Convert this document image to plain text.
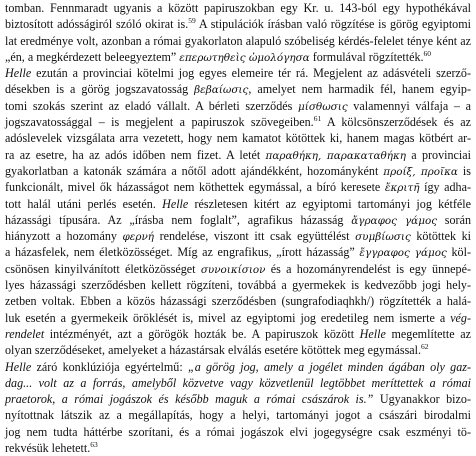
tomban. Fennmaradt ugyanis a között papiruszokban egy Kr. u. 143-ból egy hypothékával
biztosított adósságiról szóló okirat is.$^{59}$ A stipulációk írásban való rögzítése is görög egyiptomi
lat eredménye volt, azonban a római gyakorlaton alapuló szóbeliség kérdés-felelet ténye ként az
„én, a megkérdezett beleegyeztem” επερωτηθεὶς ὡμολόγησα formulával rögzítették.$^{60}$
Helle ezután a provinciai kötelmi jog egyes elemeire tér rá. Megjelent az adásvételi szerző-
désekben is a görög jogszavatosság βεβαίωσις, amelyet nem harmadik fél, hanem egyip-
tomi szokás szerint az eladó vállalt. A bérleti szerződés μίσθωσις valamennyi válfaja – a
jogszavatossággal – is megjelent a papiruszok szövegeiben.$^{61}$ A kölcsönszerződések és az
adóslevelek vizsgálata arra vezetett, hogy nem kamatot kötöttek ki, hanem magas kötbért ar-
ra az esetre, ha az adós időben nem fizet. A letét παραθήκη, παρακαταθήκη a provinciai
gyakorlatban a katonák számára a nőtől adott ajándékként, hozományként προίξ, προῖκα is
funkcionált, mivel ők házasságot nem köthettek egymással, a bíró keresete ἔκριτῆ így adha-
tott halál utáni perlés esetén. Helle részletesen kitért az egyiptomi tartományi jog kétféle
házassági típusára. Az „írásba nem foglalt”, agrafikus házasság ἄγραφος γάμος során
hiányzott a hozomány φερνή rendelése, viszont itt csak együttélést συμβίωσις kötöttek ki
a házasfelek, nem életközösséget. Míg az engrafikus, „írott házasság” ἔγγραφος γάμος köl-
csönösen kinyilvánított életközösséget συνοικίσιον és a hozományrendelést is egy ünnepé-
lyes házassági szerződésben kellett rögzíteni, továbbá a gyermekek is kedvezőbb jogi hely-
zetben voltak. Ebben a közös házassági szerződésben (sungrafodiaqhkh/) rögzítették a halá-
luk esetén a gyermekeik öröklését is, mivel az egyiptomi jog eredetileg nem ismerte a vég-
rendelet intézményét, azt a görögök hozták be. A papiruszok között Helle megemlítette az
olyan szerződéseket, amelyeket a házastársak elválás esetére kötöttek meg egymással.$^{62}$
Helle záró konklúziója egyértelmű: „a görög jog, amely a jogélet minden ágában oly gaz-
dag... volt az a forrás, amelyből közvetve vagy közvetlenül legtöbbet meríttettek a római
praetorok, a római jogászok és később maguk a római császárok is.” Ugyanakkor bizo-
nyítottnak látszik az a megállapítás, hogy a helyi, tartományi jogot a császári birodalmi
jog nem tudta háttérbe szorítani, és a római jogászok elvi jogegységre csak eszményi tö-
rekvésük lehetett.$^{63}$
